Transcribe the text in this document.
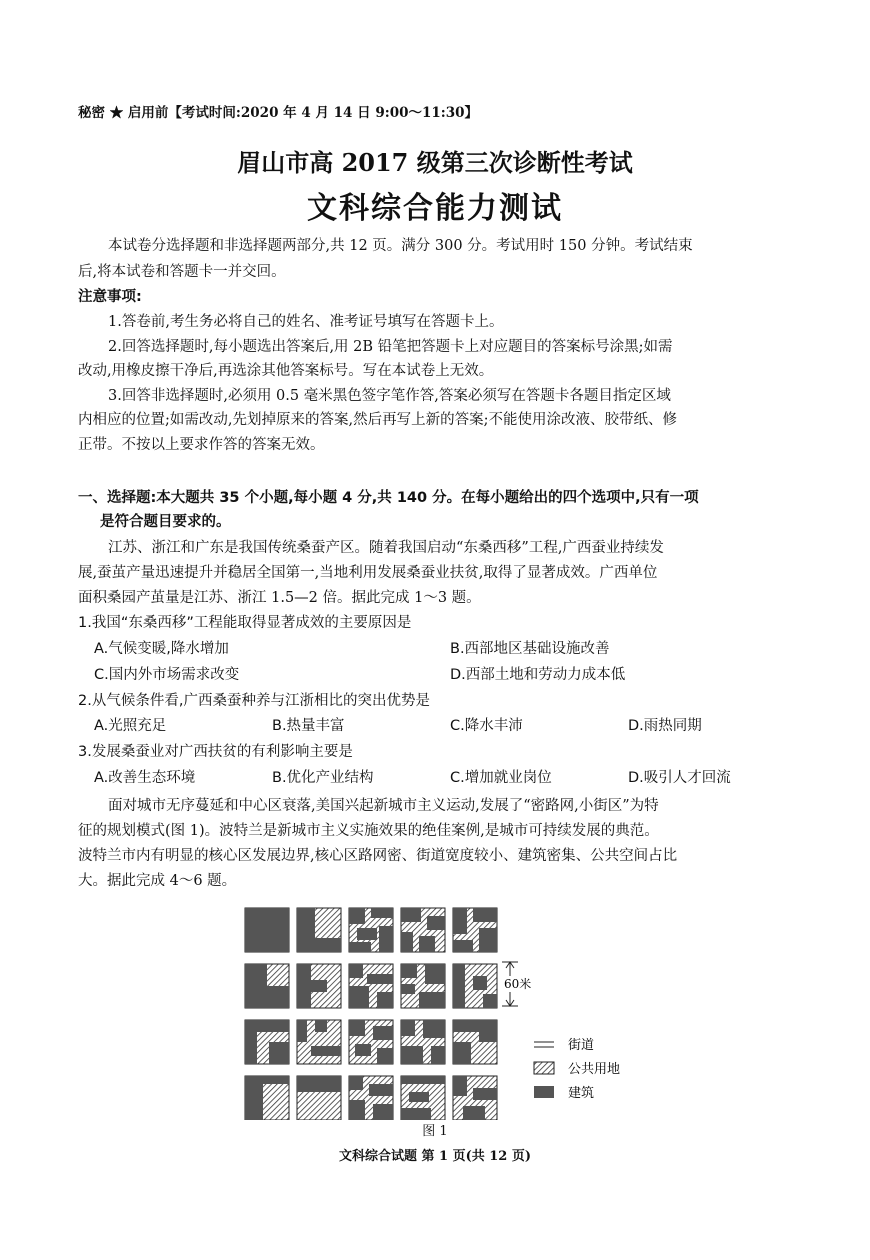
秘密 ★ 启用前【考试时间:2020 年 4 月 14 日 9:00～11:30】
眉山市高 2017 级第三次诊断性考试
文科综合能力测试
本试卷分选择题和非选择题两部分,共 12 页。满分 300 分。考试用时 150 分钟。考试结束
后,将本试卷和答题卡一并交回。
注意事项:
1.答卷前,考生务必将自己的姓名、准考证号填写在答题卡上。
2.回答选择题时,每小题选出答案后,用 2B 铅笔把答题卡上对应题目的答案标号涂黑;如需
改动,用橡皮擦干净后,再选涂其他答案标号。写在本试卷上无效。
3.回答非选择题时,必须用 0.5 毫米黑色签字笔作答,答案必须写在答题卡各题目指定区域
内相应的位置;如需改动,先划掉原来的答案,然后再写上新的答案;不能使用涂改液、胶带纸、修
正带。不按以上要求作答的答案无效。
一、选择题:本大题共 35 个小题,每小题 4 分,共 140 分。在每小题给出的四个选项中,只有一项
是符合题目要求的。
江苏、浙江和广东是我国传统桑蚕产区。随着我国启动“东桑西移”工程,广西蚕业持续发
展,蚕茧产量迅速提升并稳居全国第一,当地利用发展桑蚕业扶贫,取得了显著成效。广西单位
面积桑园产茧量是江苏、浙江 1.5—2 倍。据此完成 1～3 题。
1.我国“东桑西移”工程能取得显著成效的主要原因是
A.气候变暖,降水增加	B.西部地区基础设施改善
C.国内外市场需求改变	D.西部土地和劳动力成本低
2.从气候条件看,广西桑蚕种养与江浙相比的突出优势是
A.光照充足	B.热量丰富	C.降水丰沛	D.雨热同期
3.发展桑蚕业对广西扶贫的有利影响主要是
A.改善生态环境	B.优化产业结构	C.增加就业岗位	D.吸引人才回流
面对城市无序蔓延和中心区衰落,美国兴起新城市主义运动,发展了“密路网,小街区”为特
征的规划模式(图 1)。波特兰是新城市主义实施效果的绝佳案例,是城市可持续发展的典范。
波特兰市内有明显的核心区发展边界,核心区路网密、街道宽度较小、建筑密集、公共空间占比
大。据此完成 4～6 题。
60米
街道
公共用地
建筑
图 1
文科综合试题 第 1 页(共 12 页)
